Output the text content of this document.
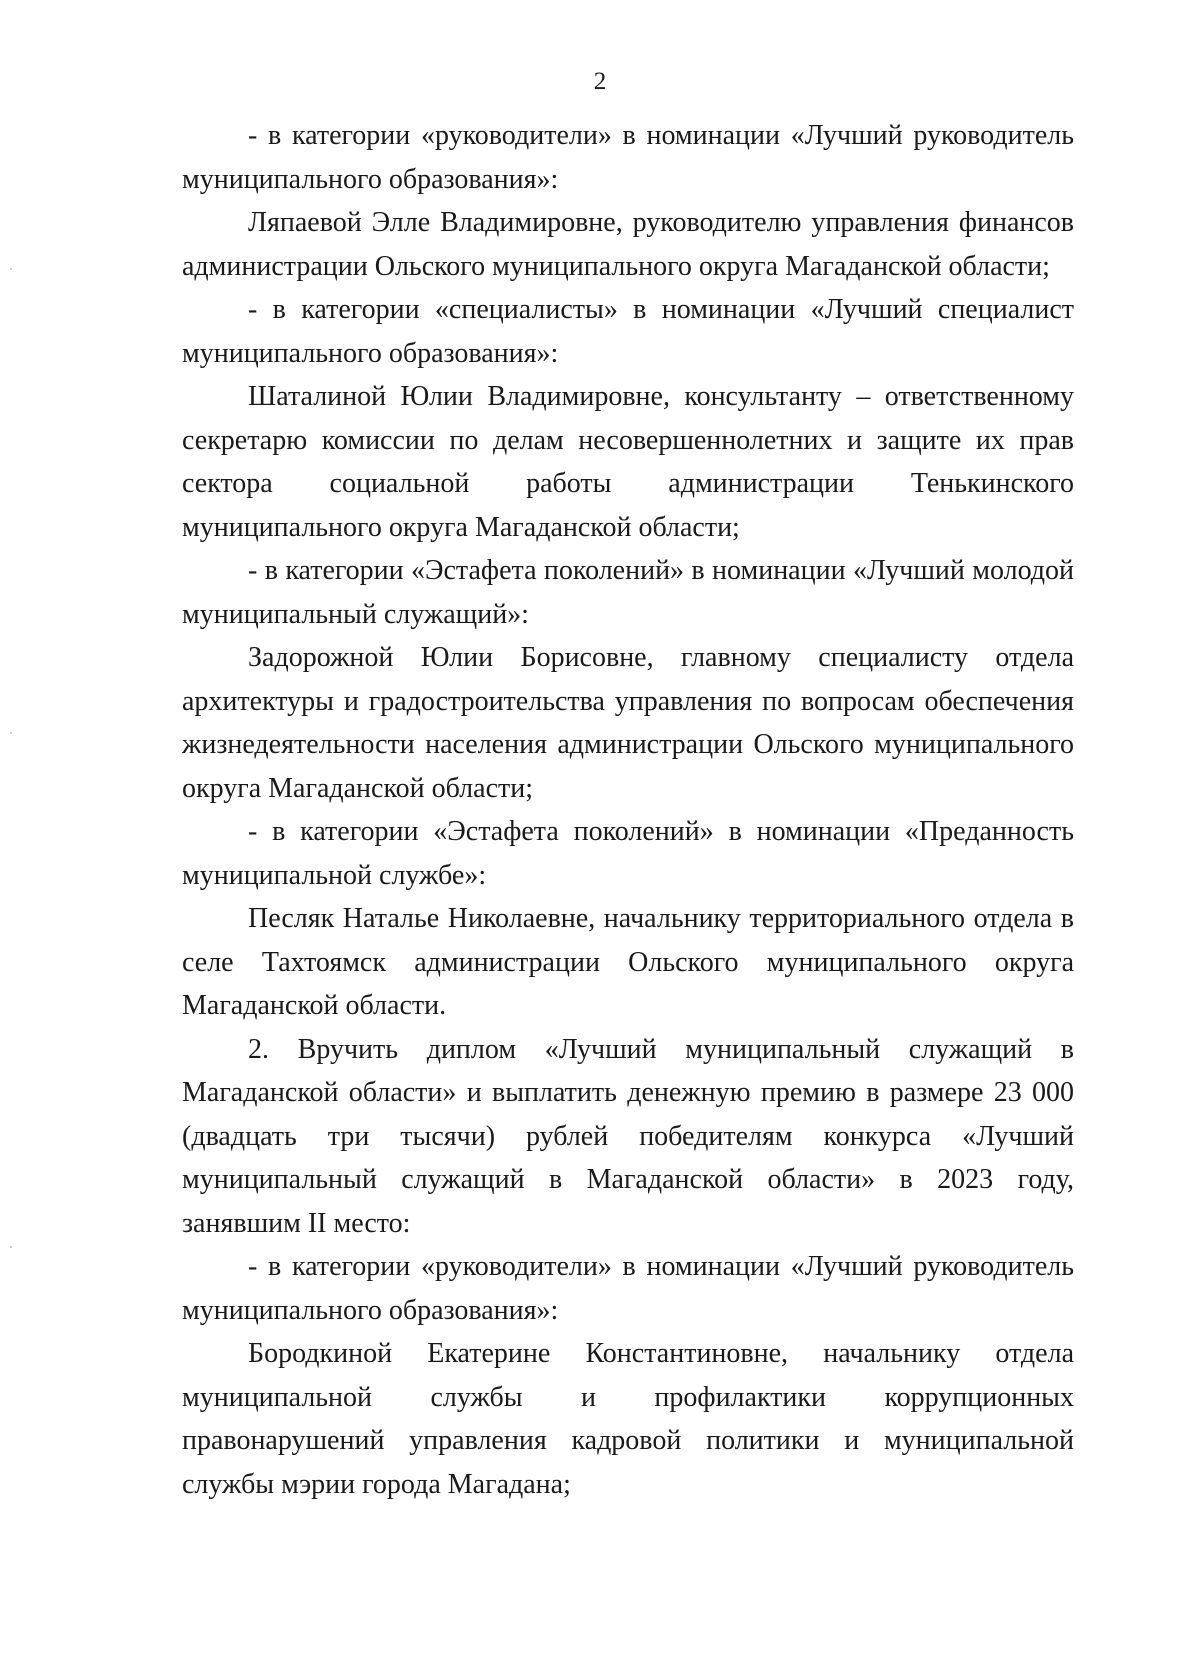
2

- в категории «руководители» в номинации «Лучший руководитель муниципального образования»:

Ляпаевой Элле Владимировне, руководителю управления финансов администрации Ольского муниципального округа Магаданской области;

- в категории «специалисты» в номинации «Лучший специалист муниципального образования»:

Шаталиной Юлии Владимировне, консультанту – ответственному секретарю комиссии по делам несовершеннолетних и защите их прав сектора социальной работы администрации Тенькинского муниципального округа Магаданской области;

- в категории «Эстафета поколений» в номинации «Лучший молодой муниципальный служащий»:

Задорожной Юлии Борисовне, главному специалисту отдела архитектуры и градостроительства управления по вопросам обеспечения жизнедеятельности населения администрации Ольского муниципального округа Магаданской области;

- в категории «Эстафета поколений» в номинации «Преданность муниципальной службе»:

Песляк Наталье Николаевне, начальнику территориального отдела в селе Тахтоямск администрации Ольского муниципального округа Магаданской области.

2. Вручить диплом «Лучший муниципальный служащий в Магаданской области» и выплатить денежную премию в размере 23 000 (двадцать три тысячи) рублей победителям конкурса «Лучший муниципальный служащий в Магаданской области» в 2023 году, занявшим II место:

- в категории «руководители» в номинации «Лучший руководитель муниципального образования»:

Бородкиной Екатерине Константиновне, начальнику отдела муниципальной службы и профилактики коррупционных правонарушений управления кадровой политики и муниципальной службы мэрии города Магадана;
